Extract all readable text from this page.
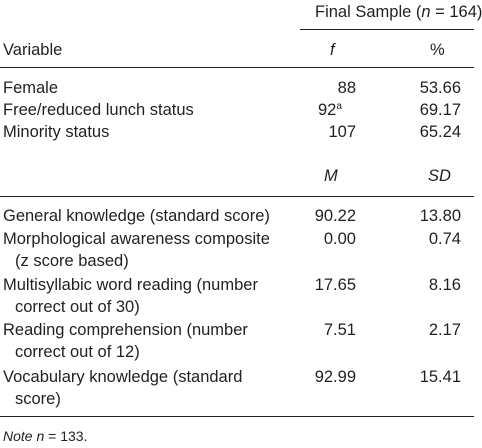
Final Sample (n = 164)
Variable	f	%
Female	88	53.66
Free/reduced lunch status	92$^a$	69.17
Minority status	107	65.24
M	SD
General knowledge (standard score)	90.22	13.80
Morphological awareness composite
(z score based)
0.00	0.74
Multisyllabic word reading (number
correct out of 30)
17.65	8.16
Reading comprehension (number
correct out of 12)
7.51	2.17
Vocabulary knowledge (standard
score)
92.99	15.41
Note n = 133.
